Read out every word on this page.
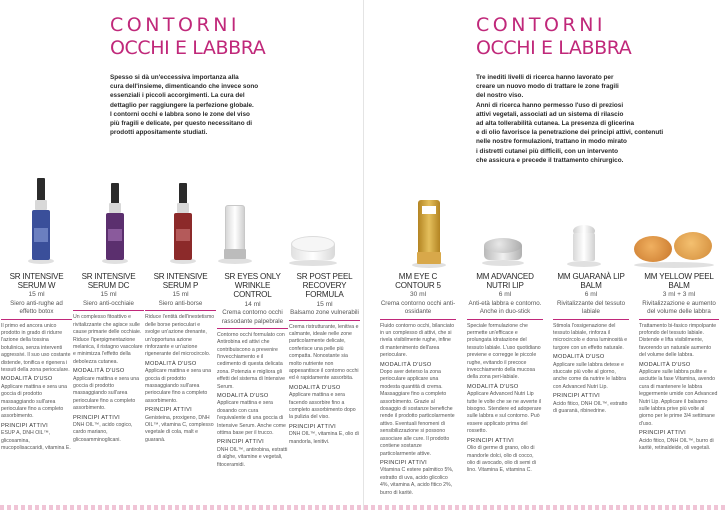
CONTORNI
OCCHI E LABBRA

Spesso si dà un'eccessiva importanza alla

cura dell'insieme, dimenticando che invece sono

essenziali i piccoli accorgimenti. La cura del

dettaglio per raggiungere la perfezione globale.

I contorni occhi e labbra sono le zone del viso

più fragili e delicate, per questo necessitano di

prodotti appositamente studiati.

SR INTENSIVE SERUM W
15 ml
Siero anti-rughe ad effetto botox
Il primo ed ancora unico prodotto in grado di ridurre l'azione della tossina botulinica, senza interventi aggressivi. Il suo uso costante distende, tonifica e rigenera i tessuti della zona perioculare.
MODALITÀ D'USO
Applicare mattina e sera una goccia di prodotto massaggiando sull'area perioculare fino a completo assorbimento.
PRINCIPI ATTIVI
ESUP A, DNH OIL™, glicosamina, mucopolisaccaridi, vitamina E.
SR INTENSIVE SERUM DC
15 ml
Siero anti-occhiaie
Un complesso fitoattivo e rivitalizzante che agisce sulle cause primarie delle occhiaie. Riduce l'iperpigmentazione melanica, il ristagno vascolare e minimizza l'effetto della debolezza cutanea.
MODALITÀ D'USO
Applicare mattina e sera una goccia di prodotto massaggiando sull'area perioculare fino a completo assorbimento.
PRINCIPI ATTIVI
DNH OIL™, acido cogico, cardo mariano, glicosamminoglicani.
SR INTENSIVE SERUM P
15 ml
Siero anti-borse
Riduce l'entità dell'inestetismo delle borse perioculari e svolge un'azione drenante, un'opportuna azione rinforzante e un'azione rigenerante del microcircolo.
MODALITÀ D'USO
Applicare mattina e sera una goccia di prodotto massaggiando sull'area perioculare fino a completo assorbimento.
PRINCIPI ATTIVI
Genisteina, proxigeno, DNH OIL™, vitamina C, complesso vegetale di cola, malt e guaranà.
SR EYES ONLY WRINKLE CONTROL
14 ml
Crema contorno occhi rassodante palpebrale
Contorno occhi formulato con Antirobina ed attivi che contribuiscono a prevenire l'invecchiamento e il cedimento di questa delicata zona. Potenzia e migliora gli effetti del sistema di Intensive Serum.
MODALITÀ D'USO
Applicare mattina e sera dosando con cura l'equivalente di una goccia di Intensive Serum. Anche come ottima base per il trucco.
PRINCIPI ATTIVI
DNH OIL™, antirobina, estratti di alghe, vitamine e vegetali, fitoceramidi.
SR POST PEEL RECOVERY FORMULA
15 ml
Balsamo zone vulnerabili
Crema ristrutturante, lenitiva e calmante, ideale nelle zone particolarmente delicate, conferisce una pelle più compatta. Nonostante sia molto nutriente non appesantisce il contorno occhi ed è rapidamente assorbita.
MODALITÀ D'USO
Applicare mattina e sera facendo assorbire fino a completo assorbimento dopo la pulizia del viso.
PRINCIPI ATTIVI
DNH OIL™, vitamina E, olio di mandorla, lenitivi.
CONTORNI
OCCHI E LABBRA

Tre inediti livelli di ricerca hanno lavorato per

creare un nuovo modo di trattare le zone fragili

del nostro viso.

Anni di ricerca hanno permesso l'uso di preziosi

attivi vegetali, associati ad un sistema di rilascio

ad alta tollerabilità cutanea. La presenza di glicerina

e di olio favorisce la penetrazione dei principi attivi, contenuti

nelle nostre formulazioni, trattano in modo mirato

i distretti cutanei più difficili, con un intervento

che assicura e precede il trattamento chirurgico.

MM EYE C CONTOUR 5
30 ml
Crema contorno occhi anti-ossidante
Fluido contorno occhi, bilanciato in un complesso di attivi, che si rivela visibilmente rughe, infine di mantenimento dell'area perioculare.
MODALITÀ D'USO
Dopo aver deterso la zona perioculare applicare una modesta quantità di crema. Massaggiare fino a completo assorbimento. Grazie al dosaggio di sostanze benefiche rende il prodotto particolarmente attivo. Eventuali fenomeni di sensibilizzazione si possono associare alle cure. Il prodotto contiene sostanze particolarmente attive.
PRINCIPI ATTIVI
Vitamina C estere palmitico 5%, estratto di uva, acido glicolico 4%, vitamina A, acido fitico 2%, burro di karitè.
MM ADVANCED NUTRI LIP
6 ml
Anti-età labbra e contorno. Anche in duo-stick
Speciale formulazione che permette un'efficace e prolungata idratazione del tessuto labiale. L'uso quotidiano previene e corregge le piccole rughe, evitando il precoce invecchiamento della mucosa della zona peri-labiale.
MODALITÀ D'USO
Applicare Advanced Nutri Lip tutte le volte che se ne avverte il bisogno. Stendere ed adoperare sulle labbra e sul contorno. Può essere applicato prima del rossetto.
PRINCIPI ATTIVI
Olio di germe di grano, olio di mandorle dolci, olio di cocco, olio di avocado, olio di semi di lino. Vitamina E, vitamina C.
MM GUARANÀ LIP BALM
6 ml
Rivitalizzante del tessuto labiale
Stimola l'ossigenazione del tessuto labiale, rinforza il microcircolo e dona luminosità e turgore con un effetto naturale.
MODALITÀ D'USO
Applicare sulle labbra detese e stuccate più volte al giorno, anche come da nutrire le labbra con Advanced Nutri Lip.
PRINCIPI ATTIVI
Acido fitico, DNH OIL™, estratto di guaranà, ribinedrine.
MM YELLOW PEEL BALM
3 ml + 3 ml
Rivitalizzazione e aumento del volume delle labbra
Trattamento bi-fasico rimpolpante profondo del tessuto labiale. Distende e lifta visibilmente, favorendo un naturale aumento del volume delle labbra.
MODALITÀ D'USO
Applicare sulle labbra pulite e asciutte la fase Vitamina, avendo cura di mantenere le labbra leggermente umide con Advanced Nutri Lip. Applicare il balsamo sulle labbra prive più volte al giorno per le prime 3/4 settimane d'uso.
PRINCIPI ATTIVI
Acido fitico, DNH OIL™, burro di karitè, retinaldeide, oli vegetali.
